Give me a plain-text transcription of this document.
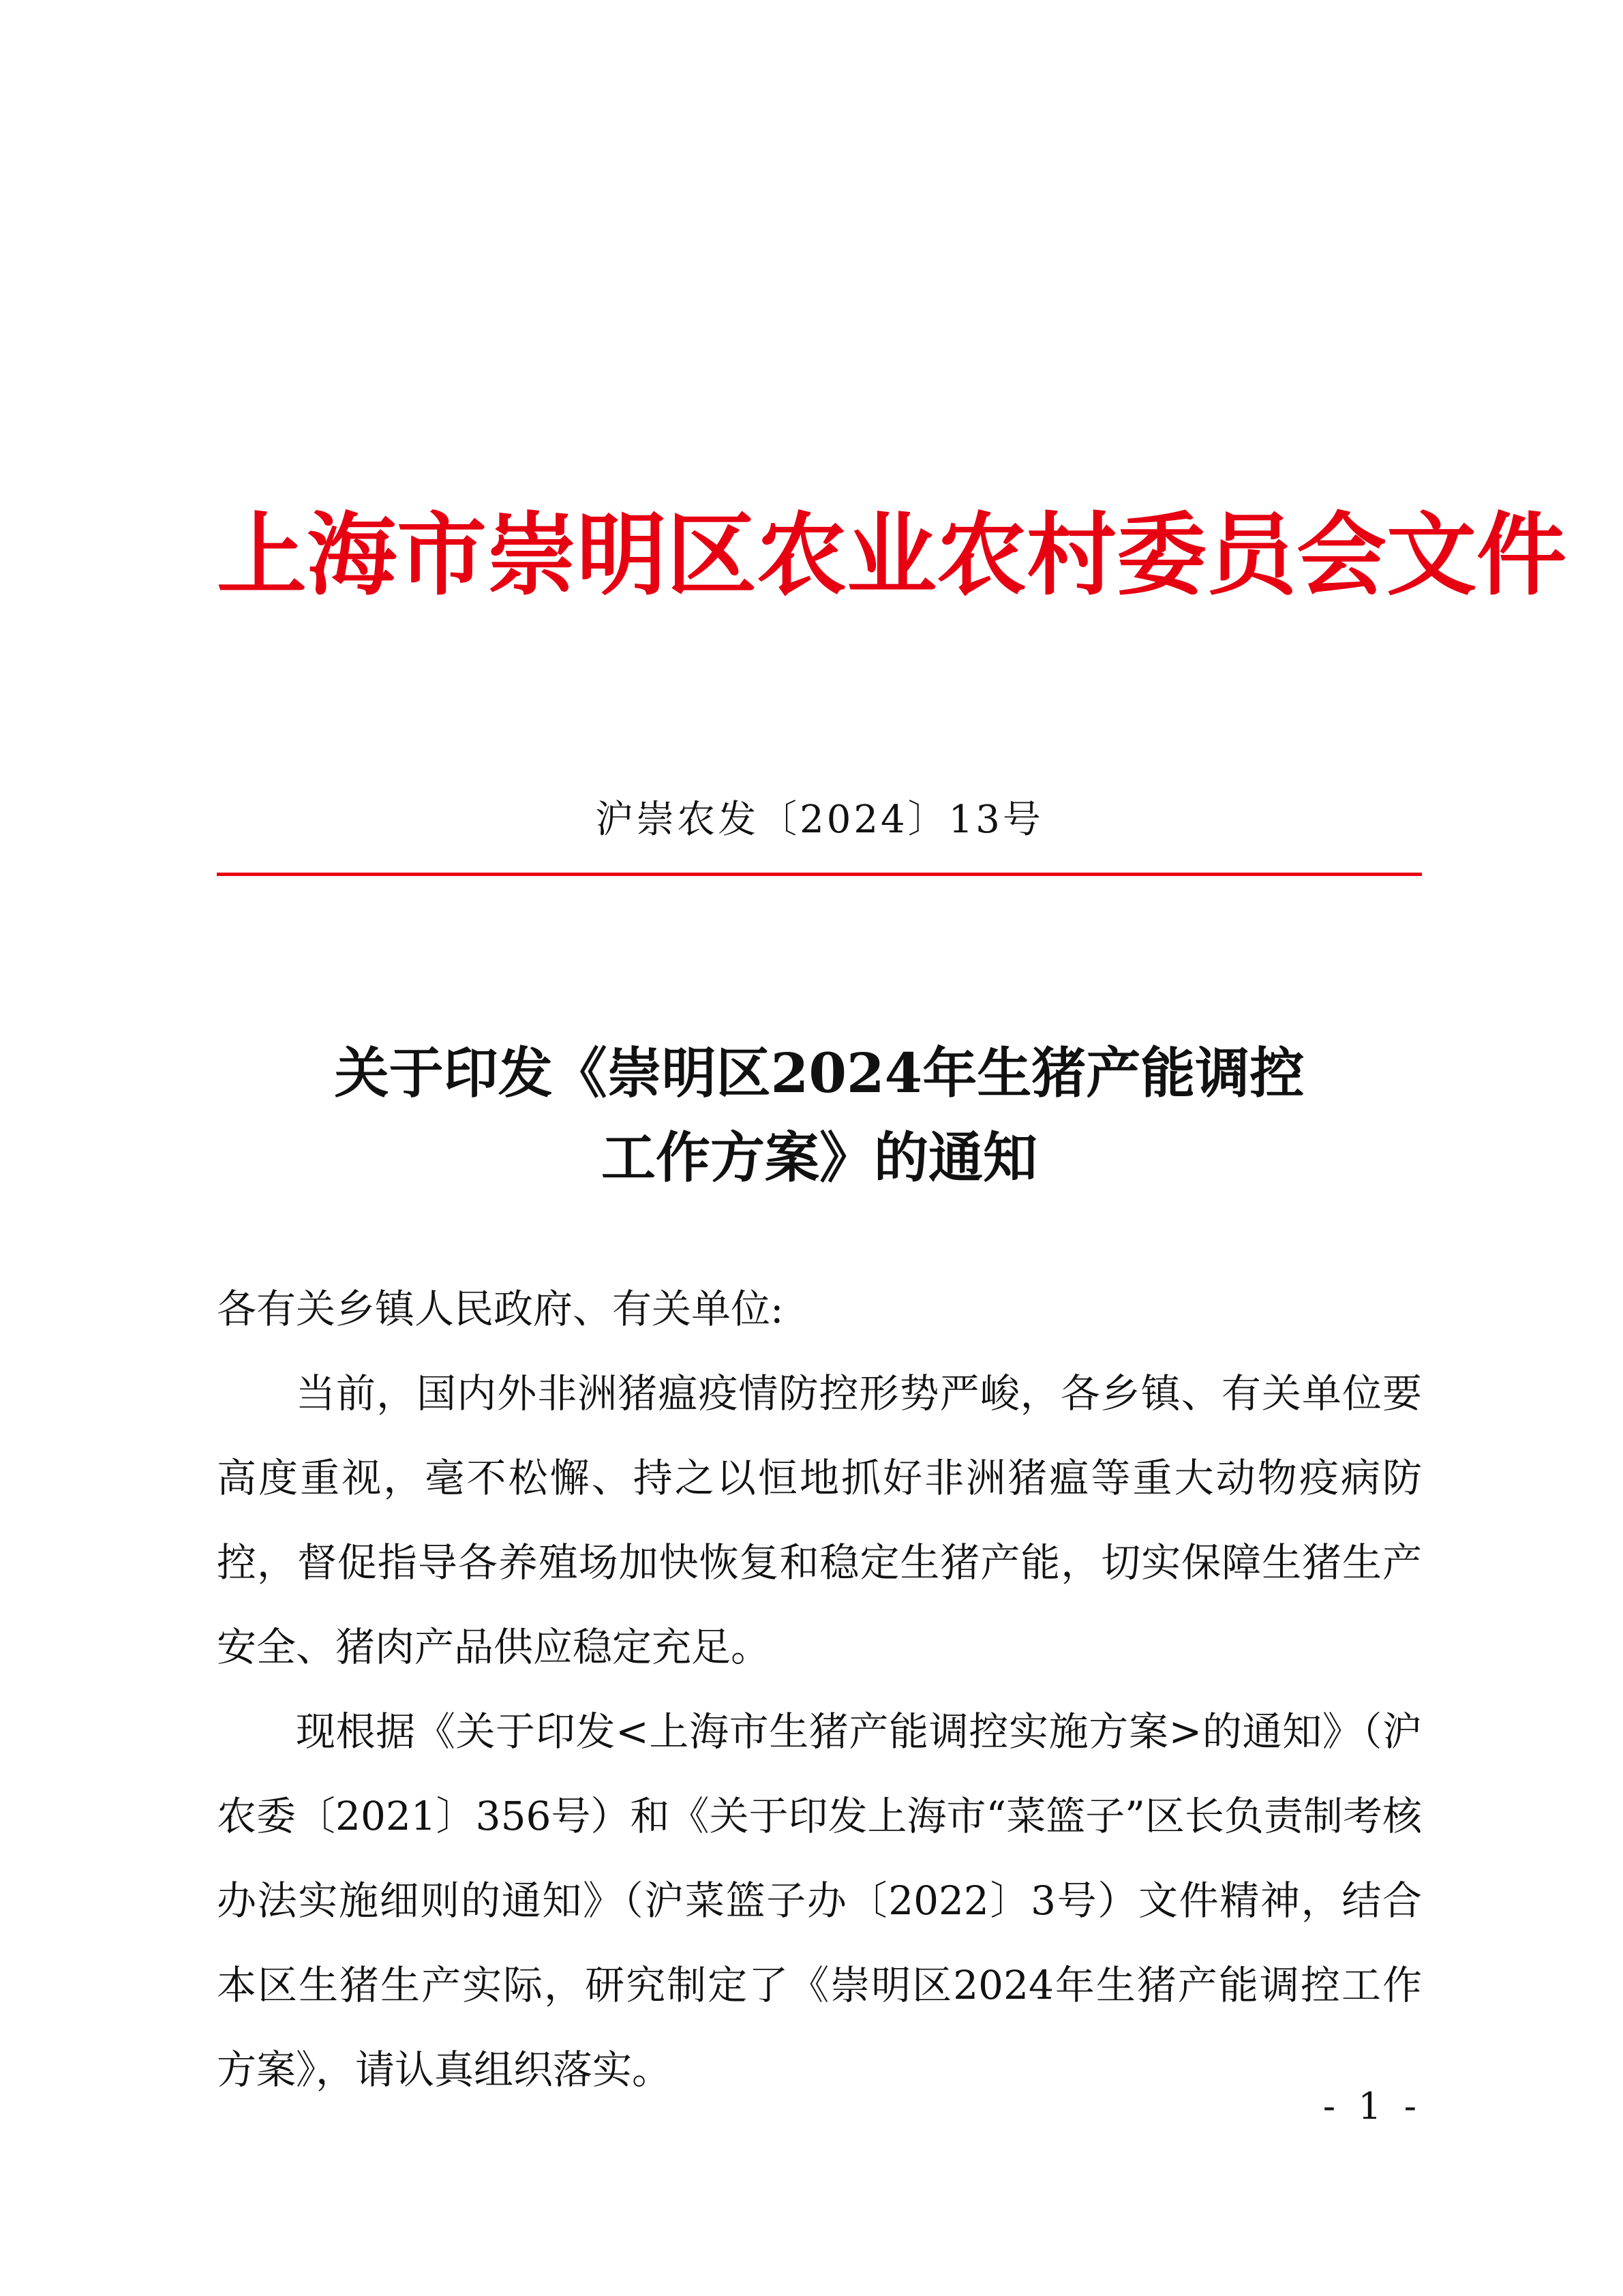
上海市崇明区农业农村委员会文件
沪崇农发〔2024〕13号
关于印发《崇明区2024年生猪产能调控
工作方案》的通知

各有关乡镇人民政府、有关单位:

当前，国内外非洲猪瘟疫情防控形势严峻，各乡镇、有关单位要高度重视，毫不松懈、持之以恒地抓好非洲猪瘟等重大动物疫病防控，督促指导各养殖场加快恢复和稳定生猪产能，切实保障生猪生产安全、猪肉产品供应稳定充足。

现根据《关于印发<上海市生猪产能调控实施方案>的通知》（沪农委〔2021〕356号）和《关于印发上海市“菜篮子”区长负责制考核办法实施细则的通知》（沪菜篮子办〔2022〕3号）文件精神，结合本区生猪生产实际，研究制定了《崇明区2024年生猪产能调控工作方案》，请认真组织落实。

- 1 -
